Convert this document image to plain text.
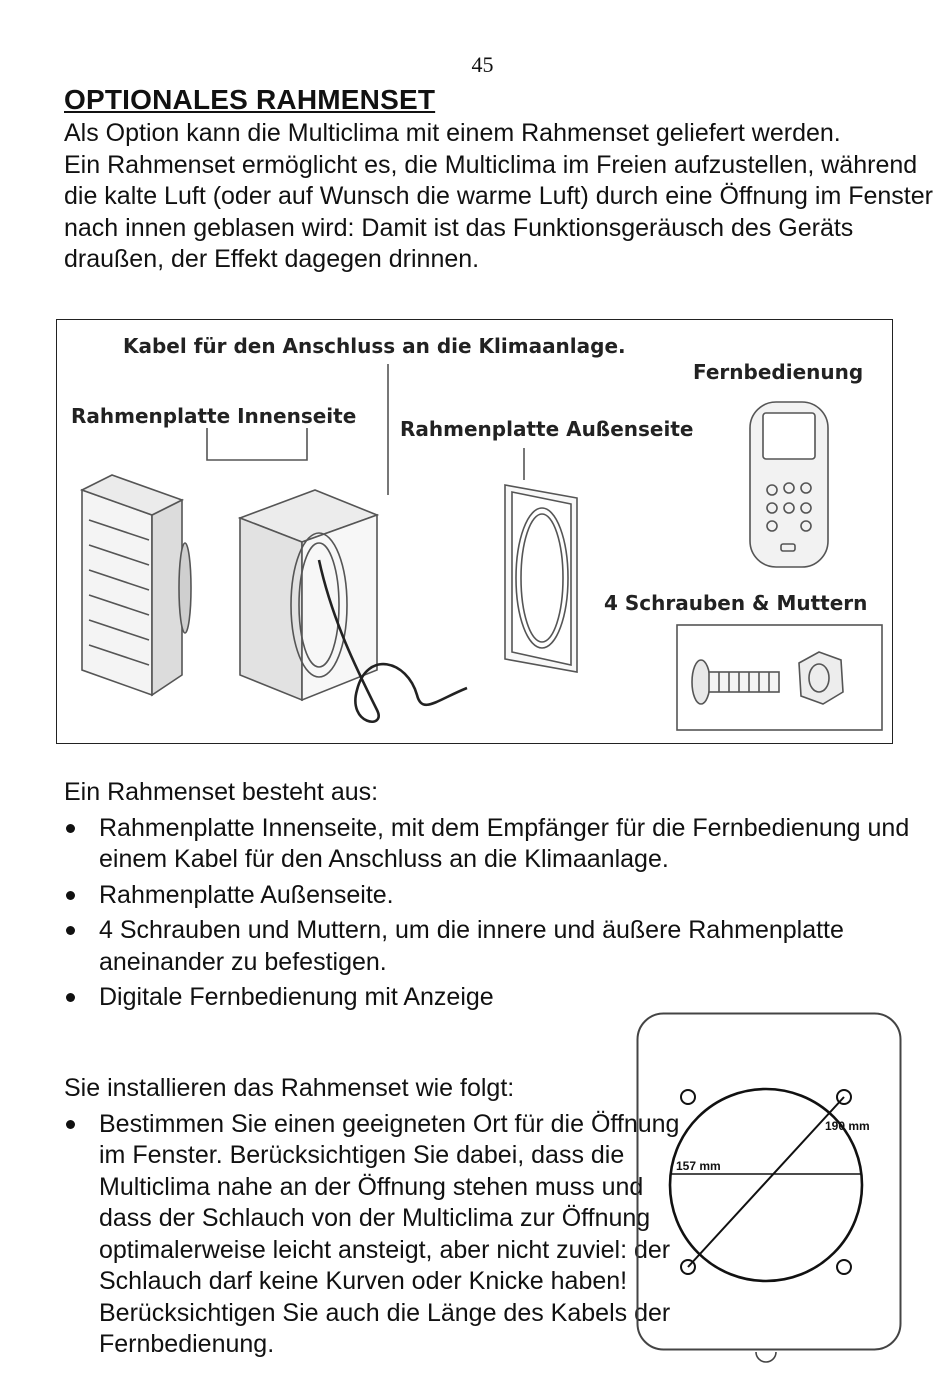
45
OPTIONALES RAHMENSET

Als Option kann die Multiclima mit einem Rahmenset geliefert werden.

Ein Rahmenset ermöglicht es, die Multiclima im Freien aufzustellen, während die kalte Luft (oder auf Wunsch die warme Luft) durch eine Öffnung im Fenster nach innen geblasen wird: Damit ist das Funktionsgeräusch des Geräts draußen, der Effekt dagegen drinnen.

Kabel für den Anschluss an die Klimaanlage.
Fernbedienung
Rahmenplatte Innenseite
Rahmenplatte Außenseite
4 Schrauben & Muttern

Ein Rahmenset besteht aus:

Rahmenplatte Innenseite, mit dem Empfänger für die Fernbedienung und einem Kabel für den Anschluss an die Klimaanlage.
Rahmenplatte Außenseite.
4 Schrauben und Muttern, um die innere und äußere Rahmenplatte aneinander zu befestigen.
Digitale Fernbedienung mit Anzeige

Sie installieren das Rahmenset wie folgt:

Bestimmen Sie einen geeigneten Ort für die Öffnung im Fenster. Berücksichtigen Sie dabei, dass die Multiclima nahe an der Öffnung stehen muss und dass der Schlauch von der Multiclima zur Öffnung optimalerweise leicht ansteigt, aber nicht zuviel: der Schlauch darf keine Kurven oder Knicke haben! Berücksichtigen Sie auch die Länge des Kabels der Fernbedienung.
190 mm
157 mm
